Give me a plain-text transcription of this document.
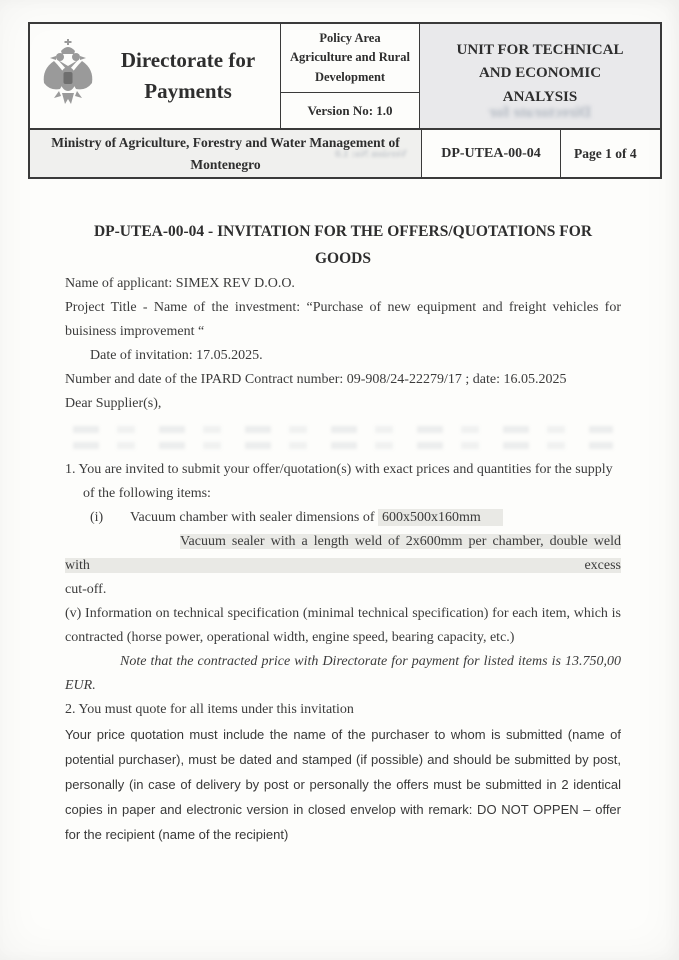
Directorate for Payments
Policy Area
Agriculture and Rural Development
Version No: 1.0
UNIT FOR TECHNICAL AND ECONOMIC ANALYSIS
Directorate for
Ministry of Agriculture, Forestry and Water Management of Montenegro
Version No: 1.0	DP-UTEA-00-04	Page 1 of 4
DP-UTEA-00-04 - INVITATION FOR THE OFFERS/QUOTATIONS FOR GOODS

Name of applicant: SIMEX REV D.O.O.

Project Title - Name of the investment: “Purchase of new equipment and freight vehicles for buisiness improvement “

Date of invitation: 17.05.2025.

Number and date of the IPARD Contract number: 09-908/24-22279/17 ; date: 16.05.2025

Dear Supplier(s),

1. You are invited to submit your offer/quotation(s) with exact prices and quantities for the supply of the following items:

(i) Vacuum chamber with sealer dimensions of 600x500x160mm

Vacuum sealer with a length weld of 2x600mm per chamber, double weld with excess

cut-off.

(v) Information on technical specification (minimal technical specification) for each item, which is contracted (horse power, operational width, engine speed, bearing capacity, etc.)

Note that the contracted price with Directorate for payment for listed items is 13.750,00

EUR.

2. You must quote for all items under this invitation

Your price quotation must include the name of the purchaser to whom is submitted (name of potential purchaser), must be dated and stamped (if possible) and should be submitted by post, personally (in case of delivery by post or personally the offers must be submitted in 2 identical copies in paper and electronic version in closed envelop with remark: DO NOT OPPEN – offer for the recipient (name of the recipient)
